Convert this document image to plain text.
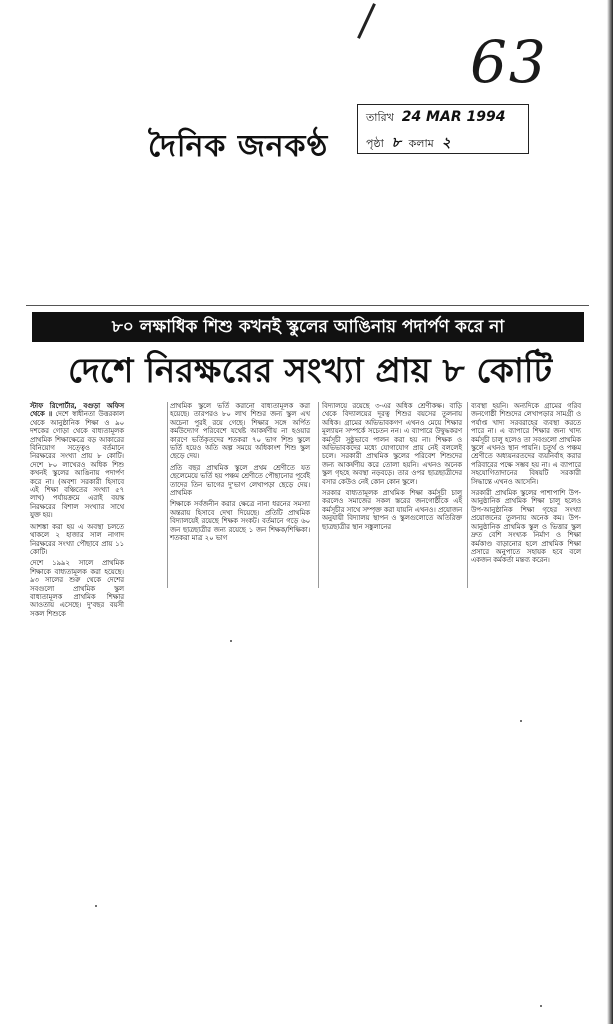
63
দৈনিক জনকণ্ঠ
তারিখ 24 MAR 1994
পৃষ্ঠা ৮ কলাম ২
৮০ লক্ষাধিক শিশু কখনই স্কুলের আঙিনায় পদার্পণ করে না
দেশে নিরক্ষরের সংখ্যা প্রায় ৮ কোটি

স্টাফ রিপোর্টার, বগুড়া অফিস থেকে ॥ দেশে স্বাধীনতা উত্তরকাল থেকে আনুষ্ঠানিক শিক্ষা ও ৯০ দশকের গোড়া থেকে বাধ্যতামূলক প্রাথমিক শিক্ষাক্ষেত্রে বড় আকারের বিনিয়োগ সত্ত্বেও বর্তমানে নিরক্ষরের সংখ্যা প্রায় ৮ কোটি। দেশে ৮০ লাখেরও অধিক শিশু কখনই স্কুলের আঙিনায় পদার্পণ করে না। (অবশ্য সরকারী হিসাবে এই শিক্ষা বঞ্চিতের সংখ্যা ৫৭ লাখ) পর্যায়ক্রমে এরাই বয়স্ক নিরক্ষরের বিশাল সংখ্যার সাথে যুক্ত হয়।

আশঙ্কা করা হয় এ অবস্থা চলতে থাকলে ২ হাজার সাল নাগাদ নিরক্ষরের সংখ্যা পৌছাবে প্রায় ১১ কোটি।

দেশে ১৯৯২ সালে প্রাথমিক শিক্ষাকে বাধ্যতামূলক করা হয়েছে। ৯৩ সালের শুরু থেকে দেশের সবগুলো প্রাথমিক স্কুল বাধ্যতামূলক প্রাথমিক শিক্ষার আওতায় এসেছে। দু'বছর বয়সী সকল শিশুকে

প্রাথমিক স্কুলে ভর্তি করানো বাধ্যতামূলক করা হয়েছে। তারপরও ৮০ লাখ শিশুর জন্য স্কুল এখ অচেনা পুরই রয়ে গেছে। শিক্ষার সঙ্গে অর্পিত কর্মউদ্যোগ পরিবেশে যথেষ্ট আকর্ষণীয় না হওয়ার কারণে ভর্তিকৃতদের শতকরা ৭০ ভাগ শিশু স্কুলে ভর্তি হয়েও অতি অল্প সময়ে অধিকাংশ শিশু স্কুল ছেড়ে দেয়।

প্রতি বছর প্রাথমিক স্কুলে প্রথম শ্রেণীতে যত ছেলেমেয়ে ভর্তি হয় পঞ্চম শ্রেণীতে পৌছানোর পূর্বেই তাদের তিন ভাগের দু'ভাগ লেখাপড়া ছেড়ে দেয়। প্রাথমিক

শিক্ষাকে সর্বজনীন করার ক্ষেত্রে নানা ধরনের সমস্যা অন্তরায় হিসাবে দেখা দিয়েছে। প্রতিটি প্রাথমিক বিদ্যালয়েই রয়েছে শিক্ষক সংকট। বর্তমানে গড়ে ৬০ জন ছাত্রছাত্রীর জন্য রয়েছে ১ জন শিক্ষক/শিক্ষিকা। শতকরা মাত্র ২০ ভাগ

বিদ্যালয়ে রয়েছে ৩-এর অধিক শ্রেণীকক্ষ। বাড়ি থেকে বিদ্যালয়ের দূরত্ব শিশুর বয়সের তুলনায় অধিক। গ্রামের অভিভাবকগণ এখনও মেয়ে শিক্ষার মূল্যায়ন সম্পর্কে সচেতন নন। এ ব্যাপারে উদ্বুদ্ধকরণ কর্মসূচী সুষ্ঠুভাবে পালন করা হয় না। শিক্ষক ও অভিভাবকদের মধ্যে যোগাযোগ প্রায় নেই বললেই চলে। সরকারী প্রাথমিক স্কুলের পরিবেশ শিশুদের জন্য আকর্ষণীয় করে তোলা হয়নি। এখনও অনেক স্কুল গৃহহে অবস্থা নড়বড়ে। তার ওপর ছাত্রছাত্রীদের বসার কেউও নেই কোন কোন স্কুলে।

সরকার বাধ্যতামূলক প্রাথমিক শিক্ষা কর্মসূচী চালু করলেও সমাজের সকল স্তরের জনগোষ্ঠীকে এই কর্মসূচীর সাথে সম্পৃক্ত করা যায়নি এখনও। প্রয়োজন অনুযায়ী বিদ্যালয় স্থাপন ও স্কুলগুলোতে অতিরিক্ত ছাত্রছাত্রীর স্থান সঙ্কুলানের

ব্যবস্থা হয়নি। অন্যদিকে গ্রামের গরিব জনগোষ্ঠী শিশুদের লেখাপড়ার সামগ্রী ও পর্যাপ্ত খাদ্য সরবরাহের ব্যবস্থা করতে পারে না। এ ব্যাপারে শিক্ষার জন্য খাদ্য কর্মসূচী চালু হলেও তা সবগুলো প্রাথমিক স্কুলে এখনও স্থান পায়নি। চতুর্থ ও পঞ্চম শ্রেণীতে অধ্যয়নরতদের ব্যয়নির্বাহ করার পরিবারের পক্ষে সম্ভব হয় না। এ ব্যাপারে সহযোগিতাদানের বিষয়টি সরকারী সিদ্ধান্তে এখনও আসেনি।

সরকারী প্রাথমিক স্কুলের পাশাপাশি উপ-আনুষ্ঠানিক প্রাথমিক শিক্ষা চালু হলেও উপ-আনুষ্ঠানিক শিক্ষা গৃহের সংখ্যা প্রয়োজনের তুলনায় অনেক কম। উপ-আনুষ্ঠানিক প্রাথমিক স্কুল ও ভিত্তার স্কুল দ্রুত বেশি সংখ্যক নির্মাণ ও শিক্ষা কর্মকাণ্ড বাড়ানোর হলে প্রাথমিক শিক্ষা প্রসারে অনুপাতে সহায়ক হবে বলে একজন কর্মকর্তা মন্তব্য করেন।
